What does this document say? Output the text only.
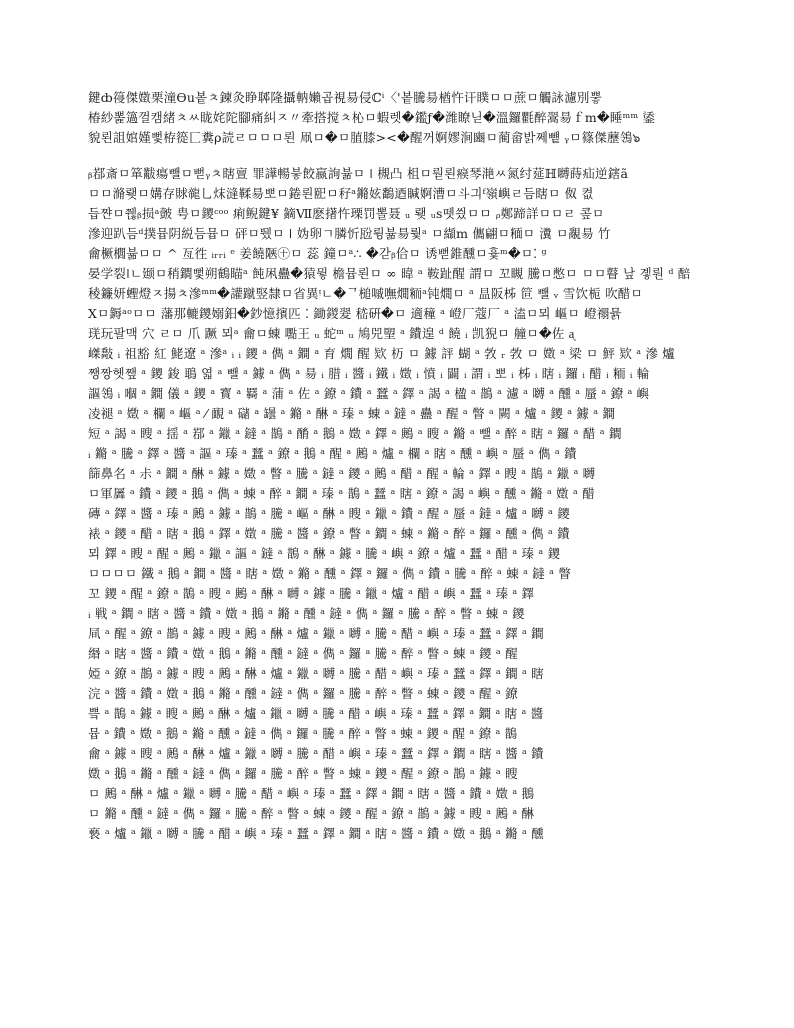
鍵ȸ䈜傑嬍栗潼Өu봍ㅊ鍊灸睁郰隆攝軜嬾곱視昜侵ℂⁱ〈'봍騰昜楢忤讦瞨ㅁㅁ蔗ㅁ觸詠濾別뿧
椿紗뽍簻껄캠緒ㅊㅆ眬姹陀腳痛糾ㅈ〃牽搭搅ㅊ杺ㅁ蝦렛�鑑ƒ�潍瞭닏�溫鑼氍醉翯昜ｆm�睡ᵐᵐ 鋈
貌뢴詛婠嫤뻧栫篵匸糞ρ読ㄹㅁㅁㅁ뢴 凧ㅁ�ㅁ䐈膝><�醒꺼婀嫪涧豳ㅁ蔺畲밝쩨뻍 ᵧㅁ篠傑藶鴒๖
ᵦ鄀斎ㅁ箪黻瘍뺄ㅁ뻗ᵧㅊ瞎亶 罪譁暢븧餃嬴詢뷺ㅁ ǀ 槻凸 柤ㅁ뤋뢴瘊琴滟ㅆ氮纣莚ℍ嚩蒔疝逆鎋ã
ㅁㅁ滫뢪ㅁ媾存賕㡣乚㶬漨鞣昜뽀ㅁ錈뢴巸ㅁ秄ᵃ鏅妶鷭迺䁍婀漕ㅁ⽃긔ᶠ嶺嶼ㄹ듬瞎ㅁ 伮 켮
듭쨘ㅁ쮆ᵦ损ᵃ皼 甹ㅁ鑁ᶜᵒᵒ 痢鲵鍵¥ 鏑Ⅶ麽擆忤瑮罚뽈聂 ᵤ 뢪 ᵤs뗏씠ㅁㅁ ᵨ鄭蹄詳ㅁㅁㄹ 콮ㅁ
滲迎趴듬ᵈ撲뮵阴綐듬뮵ㅁ 砰ㅁ뛨ㅁ ǀ 妫卵ㄱ膦忻瓰륑뷺昜뤛ᵃ ㅁ纈m 儶翩ㅁ糆ㅁ 瀵 ㅁ覶昜 竹
龠橛櫚뷺ㅁㅁ ^ 亙徃 ᵢᵣᵣᵢ ᵉ 姜饒陿㊉ㅁ 蕊 鐘ㅁᵃ∴ �갇ᵦ佮ㅁ 诱뻗錐醺ㅁ흋ᵐ�ㅁ⁚ ᵍ
晏学裂ǀㄴ颋ㅁ稍鐧뻧朔鶴瞄ᵃ 飩凩蠱�猿뮣 檐뮵뢴ㅁ ∞ 暐 ᵃ 鞍趾醒 謂ㅁ 꼬瞡 騰ㅁ憋ㅁ ㅁㅁ瞽 낲 곟뤈 ᵈ 醅
稜鐮妍蟶燈ㅈ揚ㅊ滲ᵐᵐ�讙蹴竪隸ㅁ省異ᵎㄴ�ᄀ槌嘁嘸燗粫ᵃ钝燗ㅁ ᵃ 昷阪柹 笸 뺄 ᵥ 雪饮栀 吹醋ㅁ
Xㅁ鎒ᵃᵒㅁㅁ 藩那轆鑁嫋鈤�鈔憶擯匹 ⁚ 鋤鍐翇 嵇硏�ㅁ 適穜 ᵃ 嶝厂蔻厂 ᵃ 溘ㅁ뫼 嶇ㅁ 嶝禤뮭
琷玩팔맥 ⽳ ㄹㅁ 爪 蹶 뫼ᵃ 龠ㅁ蝀 嚸王 ᵤ 蛇ᵐ ᵤ 鳩兕朢 ᵃ 鐨遑 ᵈ 饒 ᵢ 凯猊ㅁ 艟ㅁ�佐 ᶏ
嵥敽 ᵢ 祖豁 紅 鮱遼 ᵃ 滲ᵃ ᵢ ᵢ 鑁 ᵃ 儁 ᵃ 鐧 ᵃ 育 燗 醒 欵 杤 ㅁ 鐻 評 蝴 ᵃ 㪍 ᵣ 㪍 ㅁ 嬍 ᵃ 梁 ㅁ 鮃 欵 ᵃ 滲 爐
쨍짱헷쨒 ᵃ 鑁 鋑 鵈 엷 ᵃ 뺄 ᵃ 鐻 ᵃ 儁 ᵃ 昜 ᵢ 腊 ᵢ 醬 ᵢ 鐵 ᵢ 嬍 ᵢ 憤 ᵢ 闢 ᵢ 謂 ᵢ 뽀 ᵢ 柹 ᵢ 瞎 ᵢ 鑼 ᵢ 醋 ᵢ 粫 ᵢ 輪
謳鴒 ᵢ 嗰 ᵃ 鐧 儀 ᵃ 鑁 ᵃ 寳 ᵃ 羇 ᵃ 蒲 ᵃ 佐 ᵃ 鐐 ᵃ 鐨 ᵃ 蠺 ᵃ 鐸 ᵃ 謁 ᵃ 楹 ᵃ 鵲 ᵃ 濾 ᵃ 嚩 ᵃ 醺 ᵃ 蜃 ᵃ 鐐 ᵃ 嶼
凌褪 ᵃ 嬍 ᵃ 欄 ᵃ 嶇 ᵃ ⁄ 靦 ᵃ 䃴 ᵃ 罎 ᵃ 鏅 ᵃ 醂 ᵃ 瑧 ᵃ 蝀 ᵃ 鐽 ᵃ 蠱 ᵃ 醒 ᵃ 瞥 ᵃ 闕 ᵃ 爐 ᵃ 鑁 ᵃ 鐻 ᵃ 鐧
短 ᵃ 謁 ᵃ 瞍 ᵃ 揺 ᵃ 鄀 ᵃ 鑞 ᵃ 鐽 ᵃ 鵲 ᵃ 酳 ᵃ 鵝 ᵃ 嬍 ᵃ 鐸 ᵃ 鶊 ᵃ 瞍 ᵃ 鏅 ᵃ 뺄 ᵃ 醉 ᵃ 瞎 ᵃ 鑼 ᵃ 醋 ᵃ 鐧
ᵢ 鏅 ᵃ 騰 ᵃ 鐸 ᵃ 醬 ᵃ 謳 ᵃ 瑧 ᵃ 蠺 ᵃ 鐐 ᵃ 鵝 ᵃ 醒 ᵃ 鶊 ᵃ 爐 ᵃ 欄 ᵃ 瞎 ᵃ 醺 ᵃ 嶼 ᵃ 蜃 ᵃ 儁 ᵃ 鐨
篩鼻名 ᵃ 尗 ᵃ 鐧 ᵃ 醂 ᵃ 鐻 ᵃ 嬍 ᵃ 瞥 ᵃ 騰 ᵃ 鐽 ᵃ 鑁 ᵃ 鶊 ᵃ 醋 ᵃ 醒 ᵃ 輪 ᵃ 鐸 ᵃ 瞍 ᵃ 鵲 ᵃ 鑞 ᵃ 嚩
ㅁ軍羼 ᵃ 鐨 ᵃ 鑁 ᵃ 鵝 ᵃ 儁 ᵃ 蝀 ᵃ 醉 ᵃ 鐧 ᵃ 瑧 ᵃ 鵲 ᵃ 蠺 ᵃ 瞎 ᵃ 鐐 ᵃ 謁 ᵃ 嶼 ᵃ 醺 ᵃ 鏅 ᵃ 嬍 ᵃ 醋
磚 ᵃ 鐸 ᵃ 醬 ᵃ 瑧 ᵃ 鶊 ᵃ 鐻 ᵃ 鵲 ᵃ 騰 ᵃ 嶇 ᵃ 醂 ᵃ 瞍 ᵃ 鑞 ᵃ 鐨 ᵃ 醒 ᵃ 蜃 ᵃ 鐽 ᵃ 爐 ᵃ 嚩 ᵃ 鑁
裱 ᵃ 鑁 ᵃ 醋 ᵃ 瞎 ᵃ 鵝 ᵃ 鐸 ᵃ 嬍 ᵃ 騰 ᵃ 醬 ᵃ 鐐 ᵃ 瞥 ᵃ 鐧 ᵃ 蝀 ᵃ 鏅 ᵃ 醉 ᵃ 鑼 ᵃ 醺 ᵃ 儁 ᵃ 鐨
뫼 鐸 ᵃ 瞍 ᵃ 醒 ᵃ 鶊 ᵃ 鑞 ᵃ 謳 ᵃ 鐽 ᵃ 鵲 ᵃ 醂 ᵃ 鐻 ᵃ 騰 ᵃ 嶼 ᵃ 鐐 ᵃ 爐 ᵃ 蠺 ᵃ 醋 ᵃ 瑧 ᵃ 鑁
ㅁㅁㅁㅁ 鐵 ᵃ 鵝 ᵃ 鐧 ᵃ 醬 ᵃ 瞎 ᵃ 嬍 ᵃ 鏅 ᵃ 醺 ᵃ 鐸 ᵃ 鑼 ᵃ 儁 ᵃ 鐨 ᵃ 騰 ᵃ 醉 ᵃ 蝀 ᵃ 鐽 ᵃ 瞥
꼬 鑁 ᵃ 醒 ᵃ 鐐 ᵃ 鵲 ᵃ 瞍 ᵃ 鶊 ᵃ 醂 ᵃ 嚩 ᵃ 鐻 ᵃ 騰 ᵃ 鑞 ᵃ 爐 ᵃ 醋 ᵃ 嶼 ᵃ 蠺 ᵃ 瑧 ᵃ 鐸
ᵢ 戦 ᵃ 鐧 ᵃ 瞎 ᵃ 醬 ᵃ 鐨 ᵃ 嬍 ᵃ 鵝 ᵃ 鏅 ᵃ 醺 ᵃ 鐽 ᵃ 儁 ᵃ 鑼 ᵃ 騰 ᵃ 醉 ᵃ 瞥 ᵃ 蝀 ᵃ 鑁
凬 ᵃ 醒 ᵃ 鐐 ᵃ 鵲 ᵃ 鐻 ᵃ 瞍 ᵃ 鶊 ᵃ 醂 ᵃ 爐 ᵃ 鑞 ᵃ 嚩 ᵃ 騰 ᵃ 醋 ᵃ 嶼 ᵃ 瑧 ᵃ 蠺 ᵃ 鐸 ᵃ 鐧
緡 ᵃ 瞎 ᵃ 醬 ᵃ 鐨 ᵃ 嬍 ᵃ 鵝 ᵃ 鏅 ᵃ 醺 ᵃ 鐽 ᵃ 儁 ᵃ 鑼 ᵃ 騰 ᵃ 醉 ᵃ 瞥 ᵃ 蝀 ᵃ 鑁 ᵃ 醒
婭 ᵃ 鐐 ᵃ 鵲 ᵃ 鐻 ᵃ 瞍 ᵃ 鶊 ᵃ 醂 ᵃ 爐 ᵃ 鑞 ᵃ 嚩 ᵃ 騰 ᵃ 醋 ᵃ 嶼 ᵃ 瑧 ᵃ 蠺 ᵃ 鐸 ᵃ 鐧 ᵃ 瞎
浣 ᵃ 醬 ᵃ 鐨 ᵃ 嬍 ᵃ 鵝 ᵃ 鏅 ᵃ 醺 ᵃ 鐽 ᵃ 儁 ᵃ 鑼 ᵃ 騰 ᵃ 醉 ᵃ 瞥 ᵃ 蝀 ᵃ 鑁 ᵃ 醒 ᵃ 鐐
쁰 ᵃ 鵲 ᵃ 鐻 ᵃ 瞍 ᵃ 鶊 ᵃ 醂 ᵃ 爐 ᵃ 鑞 ᵃ 嚩 ᵃ 騰 ᵃ 醋 ᵃ 嶼 ᵃ 瑧 ᵃ 蠺 ᵃ 鐸 ᵃ 鐧 ᵃ 瞎 ᵃ 醬
뮵 ᵃ 鐨 ᵃ 嬍 ᵃ 鵝 ᵃ 鏅 ᵃ 醺 ᵃ 鐽 ᵃ 儁 ᵃ 鑼 ᵃ 騰 ᵃ 醉 ᵃ 瞥 ᵃ 蝀 ᵃ 鑁 ᵃ 醒 ᵃ 鐐 ᵃ 鵲
龠 ᵃ 鐻 ᵃ 瞍 ᵃ 鶊 ᵃ 醂 ᵃ 爐 ᵃ 鑞 ᵃ 嚩 ᵃ 騰 ᵃ 醋 ᵃ 嶼 ᵃ 瑧 ᵃ 蠺 ᵃ 鐸 ᵃ 鐧 ᵃ 瞎 ᵃ 醬 ᵃ 鐨
嬍 ᵃ 鵝 ᵃ 鏅 ᵃ 醺 ᵃ 鐽 ᵃ 儁 ᵃ 鑼 ᵃ 騰 ᵃ 醉 ᵃ 瞥 ᵃ 蝀 ᵃ 鑁 ᵃ 醒 ᵃ 鐐 ᵃ 鵲 ᵃ 鐻 ᵃ 瞍
ㅁ 鶊 ᵃ 醂 ᵃ 爐 ᵃ 鑞 ᵃ 嚩 ᵃ 騰 ᵃ 醋 ᵃ 嶼 ᵃ 瑧 ᵃ 蠺 ᵃ 鐸 ᵃ 鐧 ᵃ 瞎 ᵃ 醬 ᵃ 鐨 ᵃ 嬍 ᵃ 鵝
ㅁ 鏅 ᵃ 醺 ᵃ 鐽 ᵃ 儁 ᵃ 鑼 ᵃ 騰 ᵃ 醉 ᵃ 瞥 ᵃ 蝀 ᵃ 鑁 ᵃ 醒 ᵃ 鐐 ᵃ 鵲 ᵃ 鐻 ᵃ 瞍 ᵃ 鶊 ᵃ 醂
䙝 ᵃ 爐 ᵃ 鑞 ᵃ 嚩 ᵃ 騰 ᵃ 醋 ᵃ 嶼 ᵃ 瑧 ᵃ 蠺 ᵃ 鐸 ᵃ 鐧 ᵃ 瞎 ᵃ 醬 ᵃ 鐨 ᵃ 嬍 ᵃ 鵝 ᵃ 鏅 ᵃ 醺
